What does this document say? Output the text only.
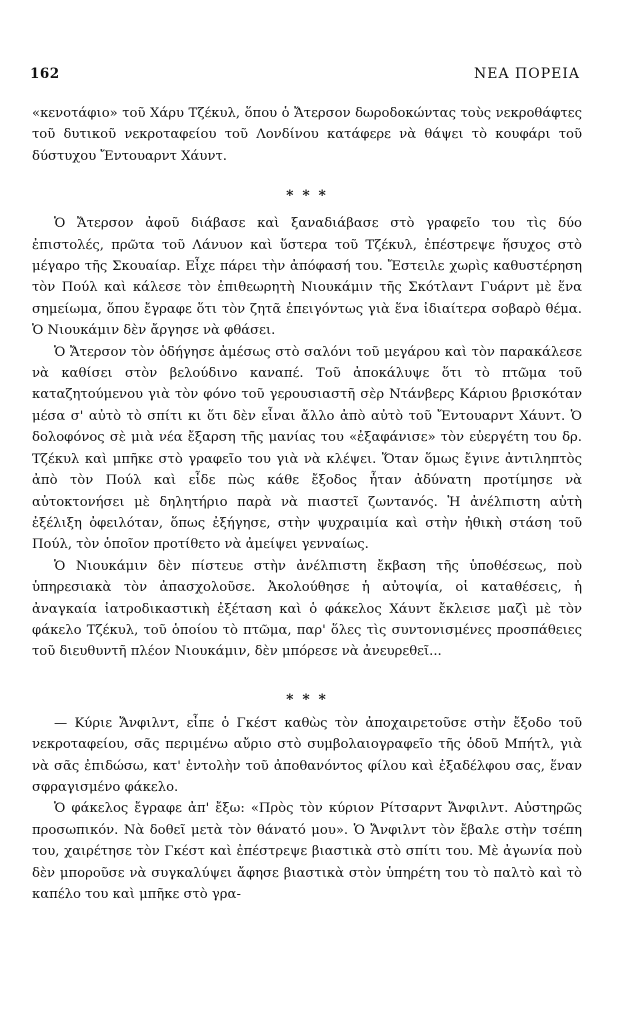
162	ΝΕΑ ΠΟΡΕΙΑ

«κενοτάφιο» τοῦ Χάρυ Τζέκυλ, ὅπου ὁ Ἄτερσον δωροδοκώντας τοὺς νεκροθάφτες τοῦ δυτικοῦ νεκροταφείου τοῦ Λονδίνου κατάφερε νὰ θάψει τὸ κουφάρι τοῦ δύστυχου Ἔντουαρντ Χάυντ.

* * *

Ὁ Ἄτερσον ἀφοῦ διάβασε καὶ ξαναδιάβασε στὸ γραφεῖο του τὶς δύο ἐπιστολές, πρῶτα τοῦ Λάνυον καὶ ὕστερα τοῦ Τζέκυλ, ἐπέστρεψε ἥσυχος στὸ μέγαρο τῆς Σκουαίαρ. Εἶχε πάρει τὴν ἀπόφασή του. Ἔστειλε χωρὶς καθυστέρηση τὸν Πούλ καὶ κάλεσε τὸν ἐπιθεωρητὴ Νιουκάμιν τῆς Σκότλαντ Γυάρντ μὲ ἕνα σημείωμα, ὅπου ἔγραφε ὅτι τὸν ζητᾶ ἐπειγόντως γιὰ ἕνα ἰδιαίτερα σοβαρὸ θέμα. Ὁ Νιουκάμιν δὲν ἄργησε νὰ φθάσει.

Ὁ Ἄτερσον τὸν ὁδήγησε ἀμέσως στὸ σαλόνι τοῦ μεγάρου καὶ τὸν παρακάλεσε νὰ καθίσει στὸν βελούδινο καναπέ. Τοῦ ἀποκάλυψε ὅτι τὸ πτῶμα τοῦ καταζητούμενου γιὰ τὸν φόνο τοῦ γερουσιαστῆ σὲρ Ντάνβερς Κάριου βρισκόταν μέσα σ' αὐτὸ τὸ σπίτι κι ὅτι δὲν εἶναι ἄλλο ἀπὸ αὐτὸ τοῦ Ἔντουαρντ Χάυντ. Ὁ δολοφόνος σὲ μιὰ νέα ἔξαρση τῆς μανίας του «ἐξαφάνισε» τὸν εὐεργέτη του δρ. Τζέκυλ καὶ μπῆκε στὸ γραφεῖο του γιὰ νὰ κλέψει. Ὅταν ὅμως ἔγινε ἀντιληπτὸς ἀπὸ τὸν Πούλ καὶ εἶδε πὼς κάθε ἔξοδος ἦταν ἀδύνατη προτίμησε νὰ αὐτοκτονήσει μὲ δηλητήριο παρὰ νὰ πιαστεῖ ζωντανός. Ἡ ἀνέλπιστη αὐτὴ ἐξέλιξη ὀφειλόταν, ὅπως ἐξήγησε, στὴν ψυχραιμία καὶ στὴν ἠθικὴ στάση τοῦ Πούλ, τὸν ὁποῖον προτίθετο νὰ ἀμείψει γενναίως.

Ὁ Νιουκάμιν δὲν πίστευε στὴν ἀνέλπιστη ἔκβαση τῆς ὑποθέσεως, ποὺ ὑπηρεσιακὰ τὸν ἀπασχολοῦσε. Ἀκολούθησε ἡ αὐτοψία, οἱ καταθέσεις, ἡ ἀναγκαία ἰατροδικαστικὴ ἐξέταση καὶ ὁ φάκελος Χάυντ ἔκλεισε μαζὶ μὲ τὸν φάκελο Τζέκυλ, τοῦ ὁποίου τὸ πτῶμα, παρ' ὅλες τὶς συντονισμένες προσπάθειες τοῦ διευθυντῆ πλέον Νιουκάμιν, δὲν μπόρεσε νὰ ἀνευρεθεῖ...

* * *

— Κύριε Ἄνφιλντ, εἶπε ὁ Γκέστ καθὼς τὸν ἀποχαιρετοῦσε στὴν ἔξοδο τοῦ νεκροταφείου, σᾶς περιμένω αὔριο στὸ συμβολαιογραφεῖο τῆς ὁδοῦ Μπήτλ, γιὰ νὰ σᾶς ἐπιδώσω, κατ' ἐντολὴν τοῦ ἀποθανόντος φίλου καὶ ἐξαδέλφου σας, ἕναν σφραγισμένο φάκελο.

Ὁ φάκελος ἔγραφε ἀπ' ἔξω: «Πρὸς τὸν κύριον Ρίτσαρντ Ἄνφιλντ. Αὐστηρῶς προσωπικόν. Νὰ δοθεῖ μετὰ τὸν θάνατό μου». Ὁ Ἄνφιλντ τὸν ἔβαλε στὴν τσέπη του, χαιρέτησε τὸν Γκέστ καὶ ἐπέστρεψε βιαστικὰ στὸ σπίτι του. Μὲ ἀγωνία ποὺ δὲν μποροῦσε νὰ συγκαλύψει ἄφησε βιαστικὰ στὸν ὑπηρέτη του τὸ παλτὸ καὶ τὸ καπέλο του καὶ μπῆκε στὸ γρα-
